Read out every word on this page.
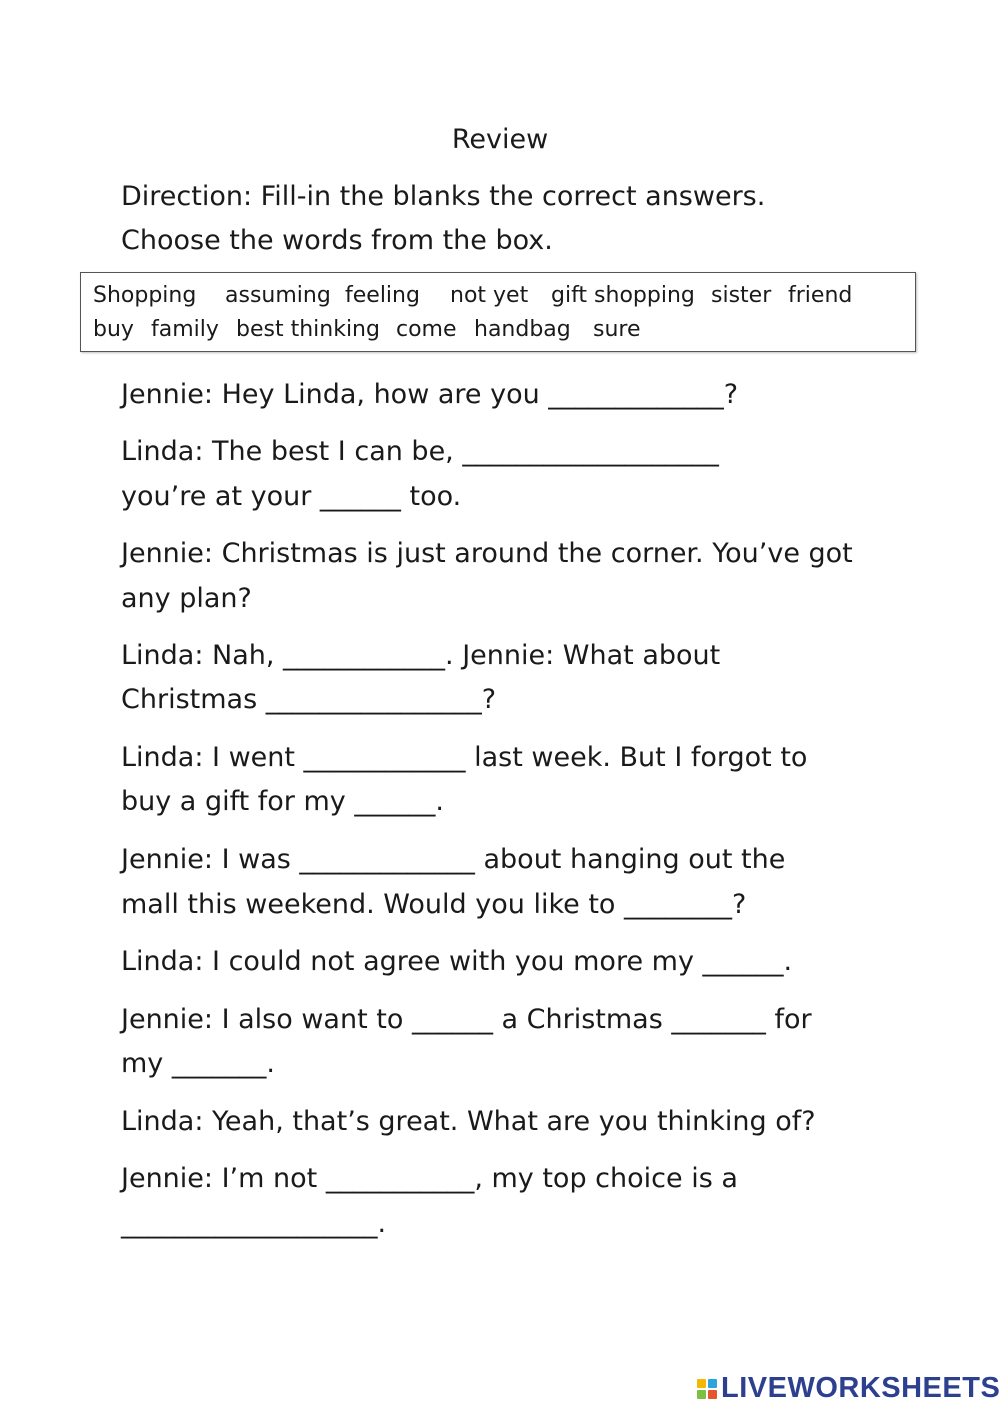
Review
Direction: Fill-in the blanks the correct answers.
Choose the words from the box.
Shopping assuming feeling not yet gift shopping sister friend
buy family best thinking come handbag sure
Jennie: Hey Linda, how are you _____________?
Linda: The best I can be, ___________________
you’re at your ______ too.
Jennie: Christmas is just around the corner. You’ve got
any plan?
Linda: Nah, ____________. Jennie: What about
Christmas ________________?
Linda: I went ____________ last week. But I forgot to
buy a gift for my ______.
Jennie: I was _____________ about hanging out the
mall this weekend. Would you like to ________?
Linda: I could not agree with you more my ______.
Jennie: I also want to ______ a Christmas _______ for
my _______.
Linda: Yeah, that’s great. What are you thinking of?
Jennie: I’m not ___________, my top choice is a
___________________.
LIVEWORKSHEETS
